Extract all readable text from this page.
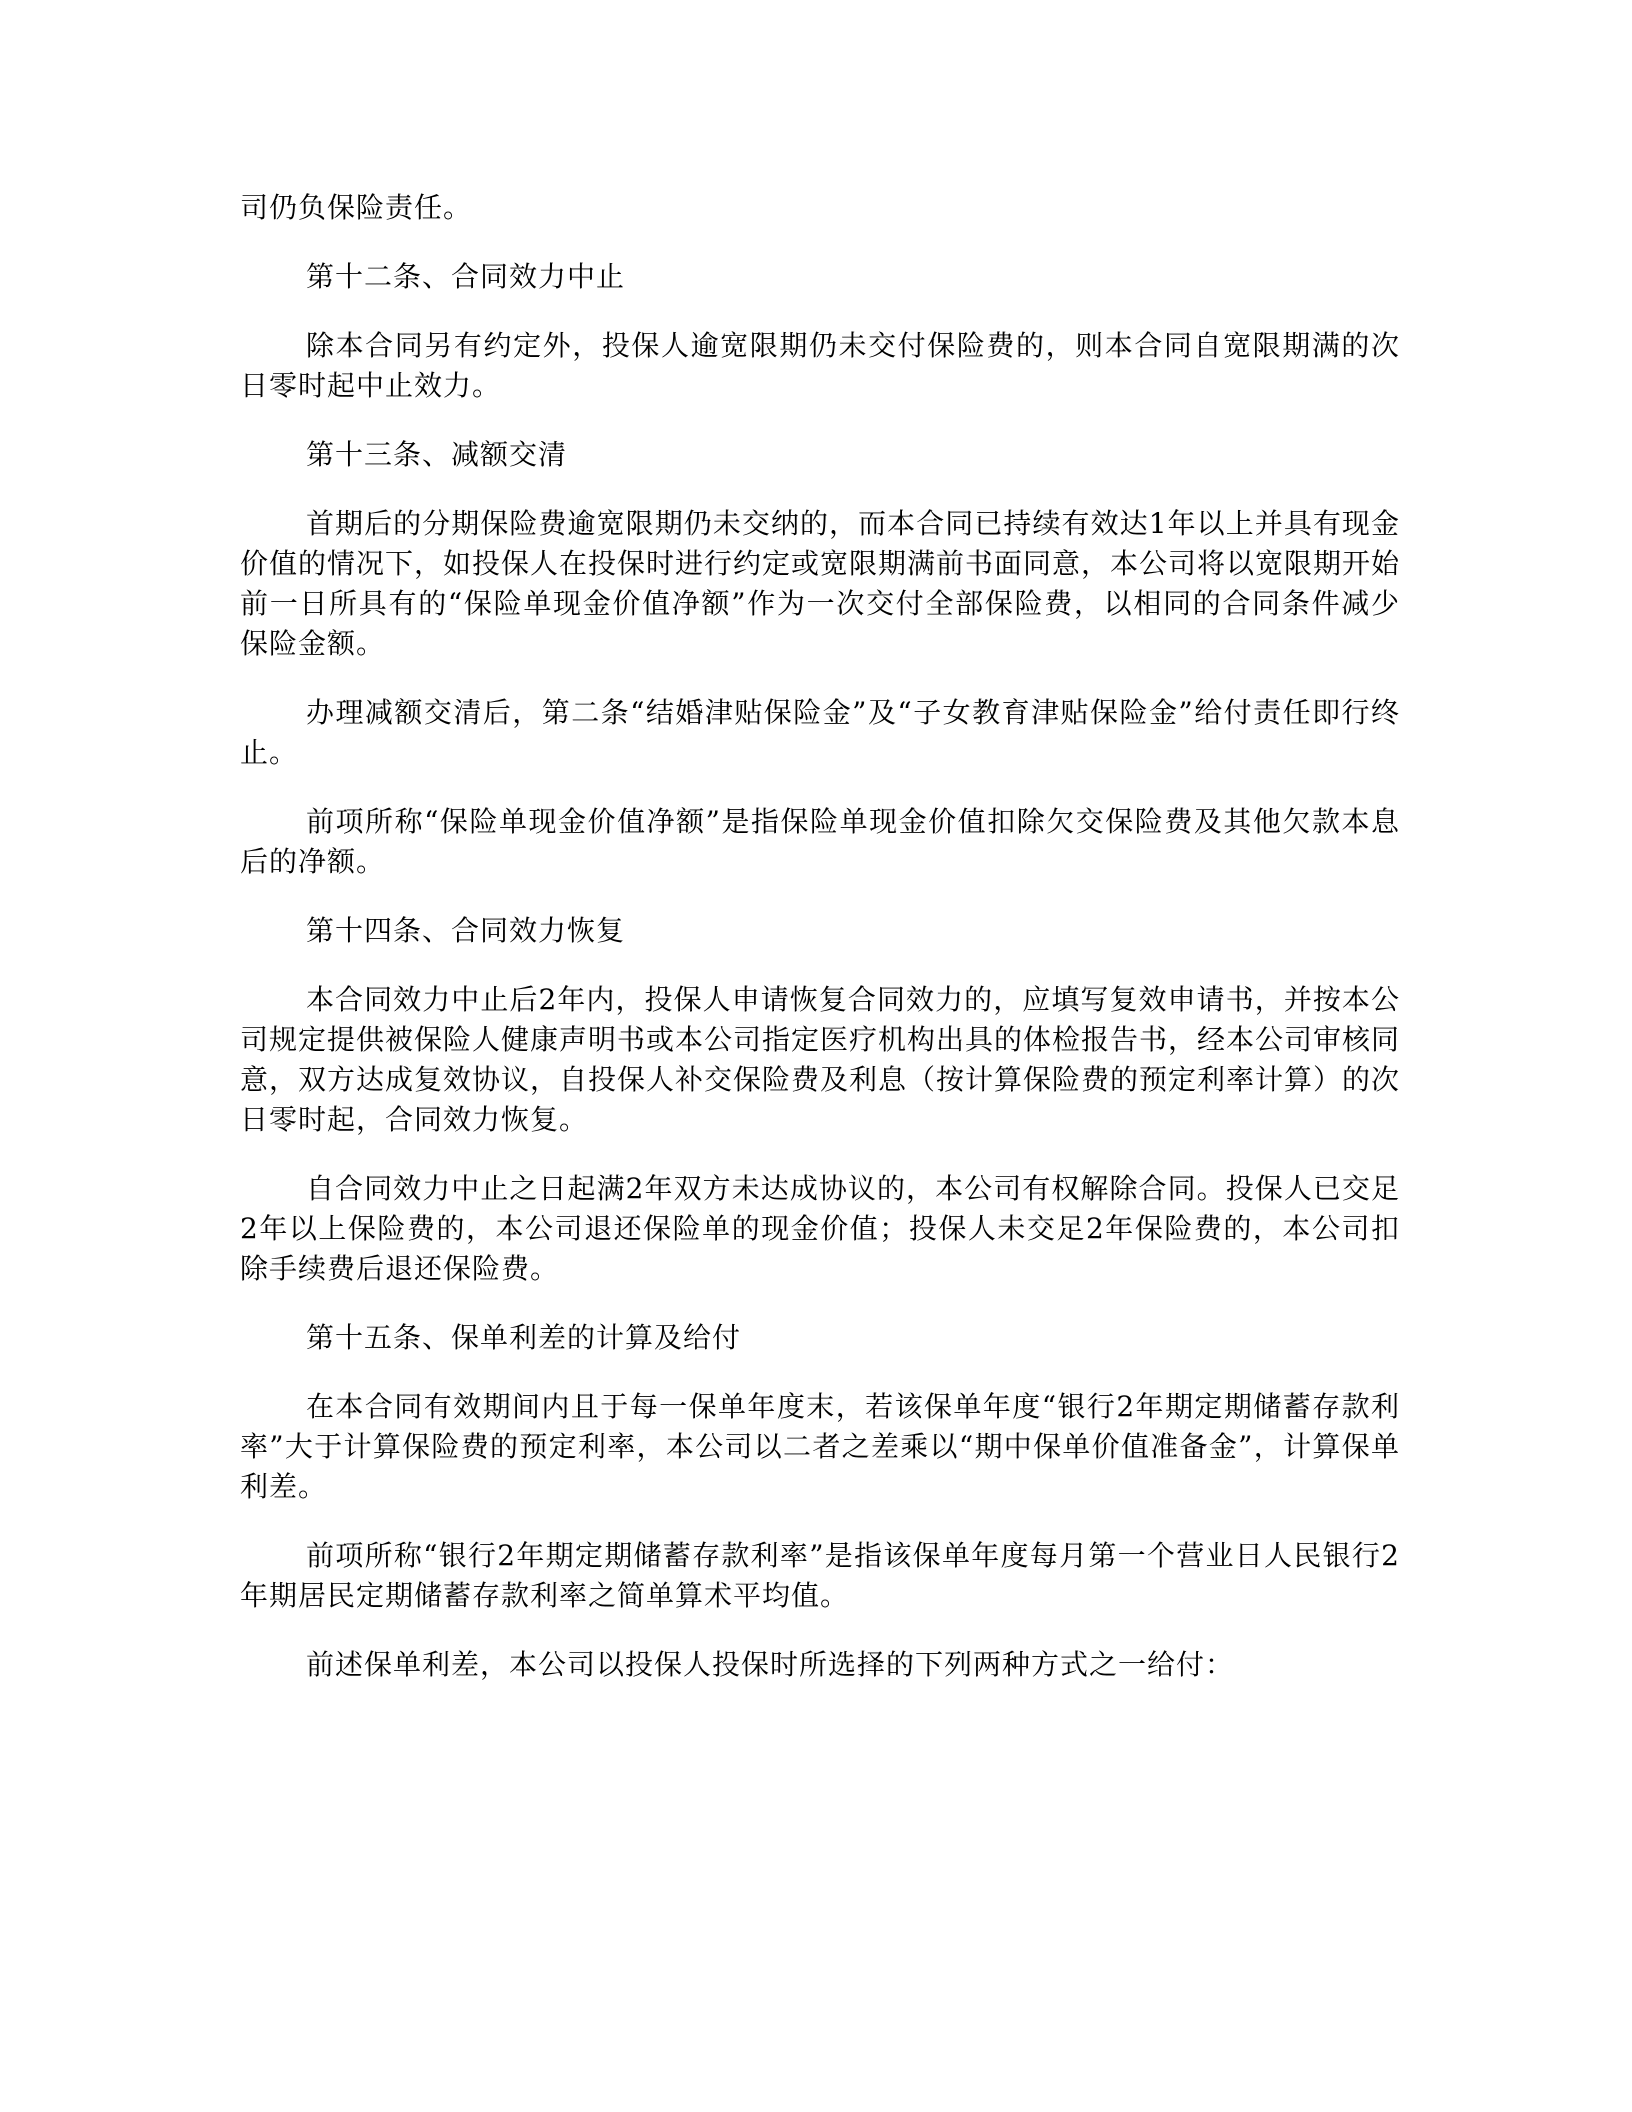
司仍负保险责任。

第十二条、合同效力中止

除本合同另有约定外，投保人逾宽限期仍未交付保险费的，则本合同自宽限期满的次日零时起中止效力。

第十三条、减额交清

首期后的分期保险费逾宽限期仍未交纳的，而本合同已持续有效达1年以上并具有现金价值的情况下，如投保人在投保时进行约定或宽限期满前书面同意，本公司将以宽限期开始前一日所具有的“保险单现金价值净额”作为一次交付全部保险费，以相同的合同条件减少保险金额。

办理减额交清后，第二条“结婚津贴保险金”及“子女教育津贴保险金”给付责任即行终止。

前项所称“保险单现金价值净额”是指保险单现金价值扣除欠交保险费及其他欠款本息后的净额。

第十四条、合同效力恢复

本合同效力中止后2年内，投保人申请恢复合同效力的，应填写复效申请书，并按本公司规定提供被保险人健康声明书或本公司指定医疗机构出具的体检报告书，经本公司审核同意，双方达成复效协议，自投保人补交保险费及利息（按计算保险费的预定利率计算）的次日零时起，合同效力恢复。

自合同效力中止之日起满2年双方未达成协议的，本公司有权解除合同。投保人已交足2年以上保险费的，本公司退还保险单的现金价值；投保人未交足2年保险费的，本公司扣除手续费后退还保险费。

第十五条、保单利差的计算及给付

在本合同有效期间内且于每一保单年度末，若该保单年度“银行2年期定期储蓄存款利率”大于计算保险费的预定利率，本公司以二者之差乘以“期中保单价值准备金”，计算保单利差。

前项所称“银行2年期定期储蓄存款利率”是指该保单年度每月第一个营业日人民银行2年期居民定期储蓄存款利率之简单算术平均值。

前述保单利差，本公司以投保人投保时所选择的下列两种方式之一给付：
